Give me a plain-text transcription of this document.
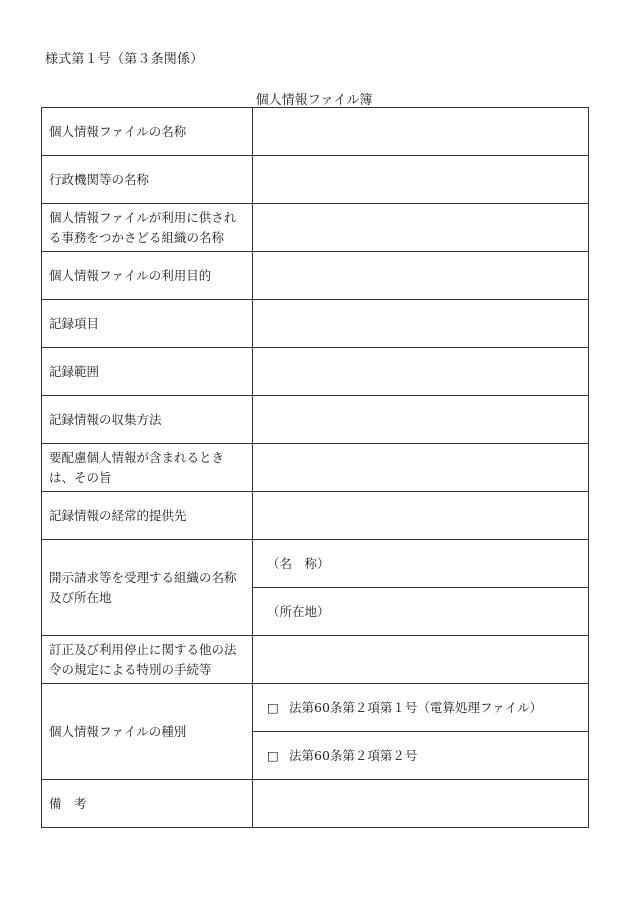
様式第１号（第３条関係）
個人情報ファイル簿
個人情報ファイルの名称	
行政機関等の名称	
個人情報ファイルが利用に供される事務をつかさどる組織の名称	
個人情報ファイルの利用目的	
記録項目	
記録範囲	
記録情報の収集方法	
要配慮個人情報が含まれるときは、その旨	
記録情報の経常的提供先	
開示請求等を受理する組織の名称及び所在地	（名　称）
	（所在地）
訂正及び利用停止に関する他の法令の規定による特別の手続等	
個人情報ファイルの種別	□ 法第60条第２項第１号（電算処理ファイル）
	□ 法第60条第２項第２号
備　考	
